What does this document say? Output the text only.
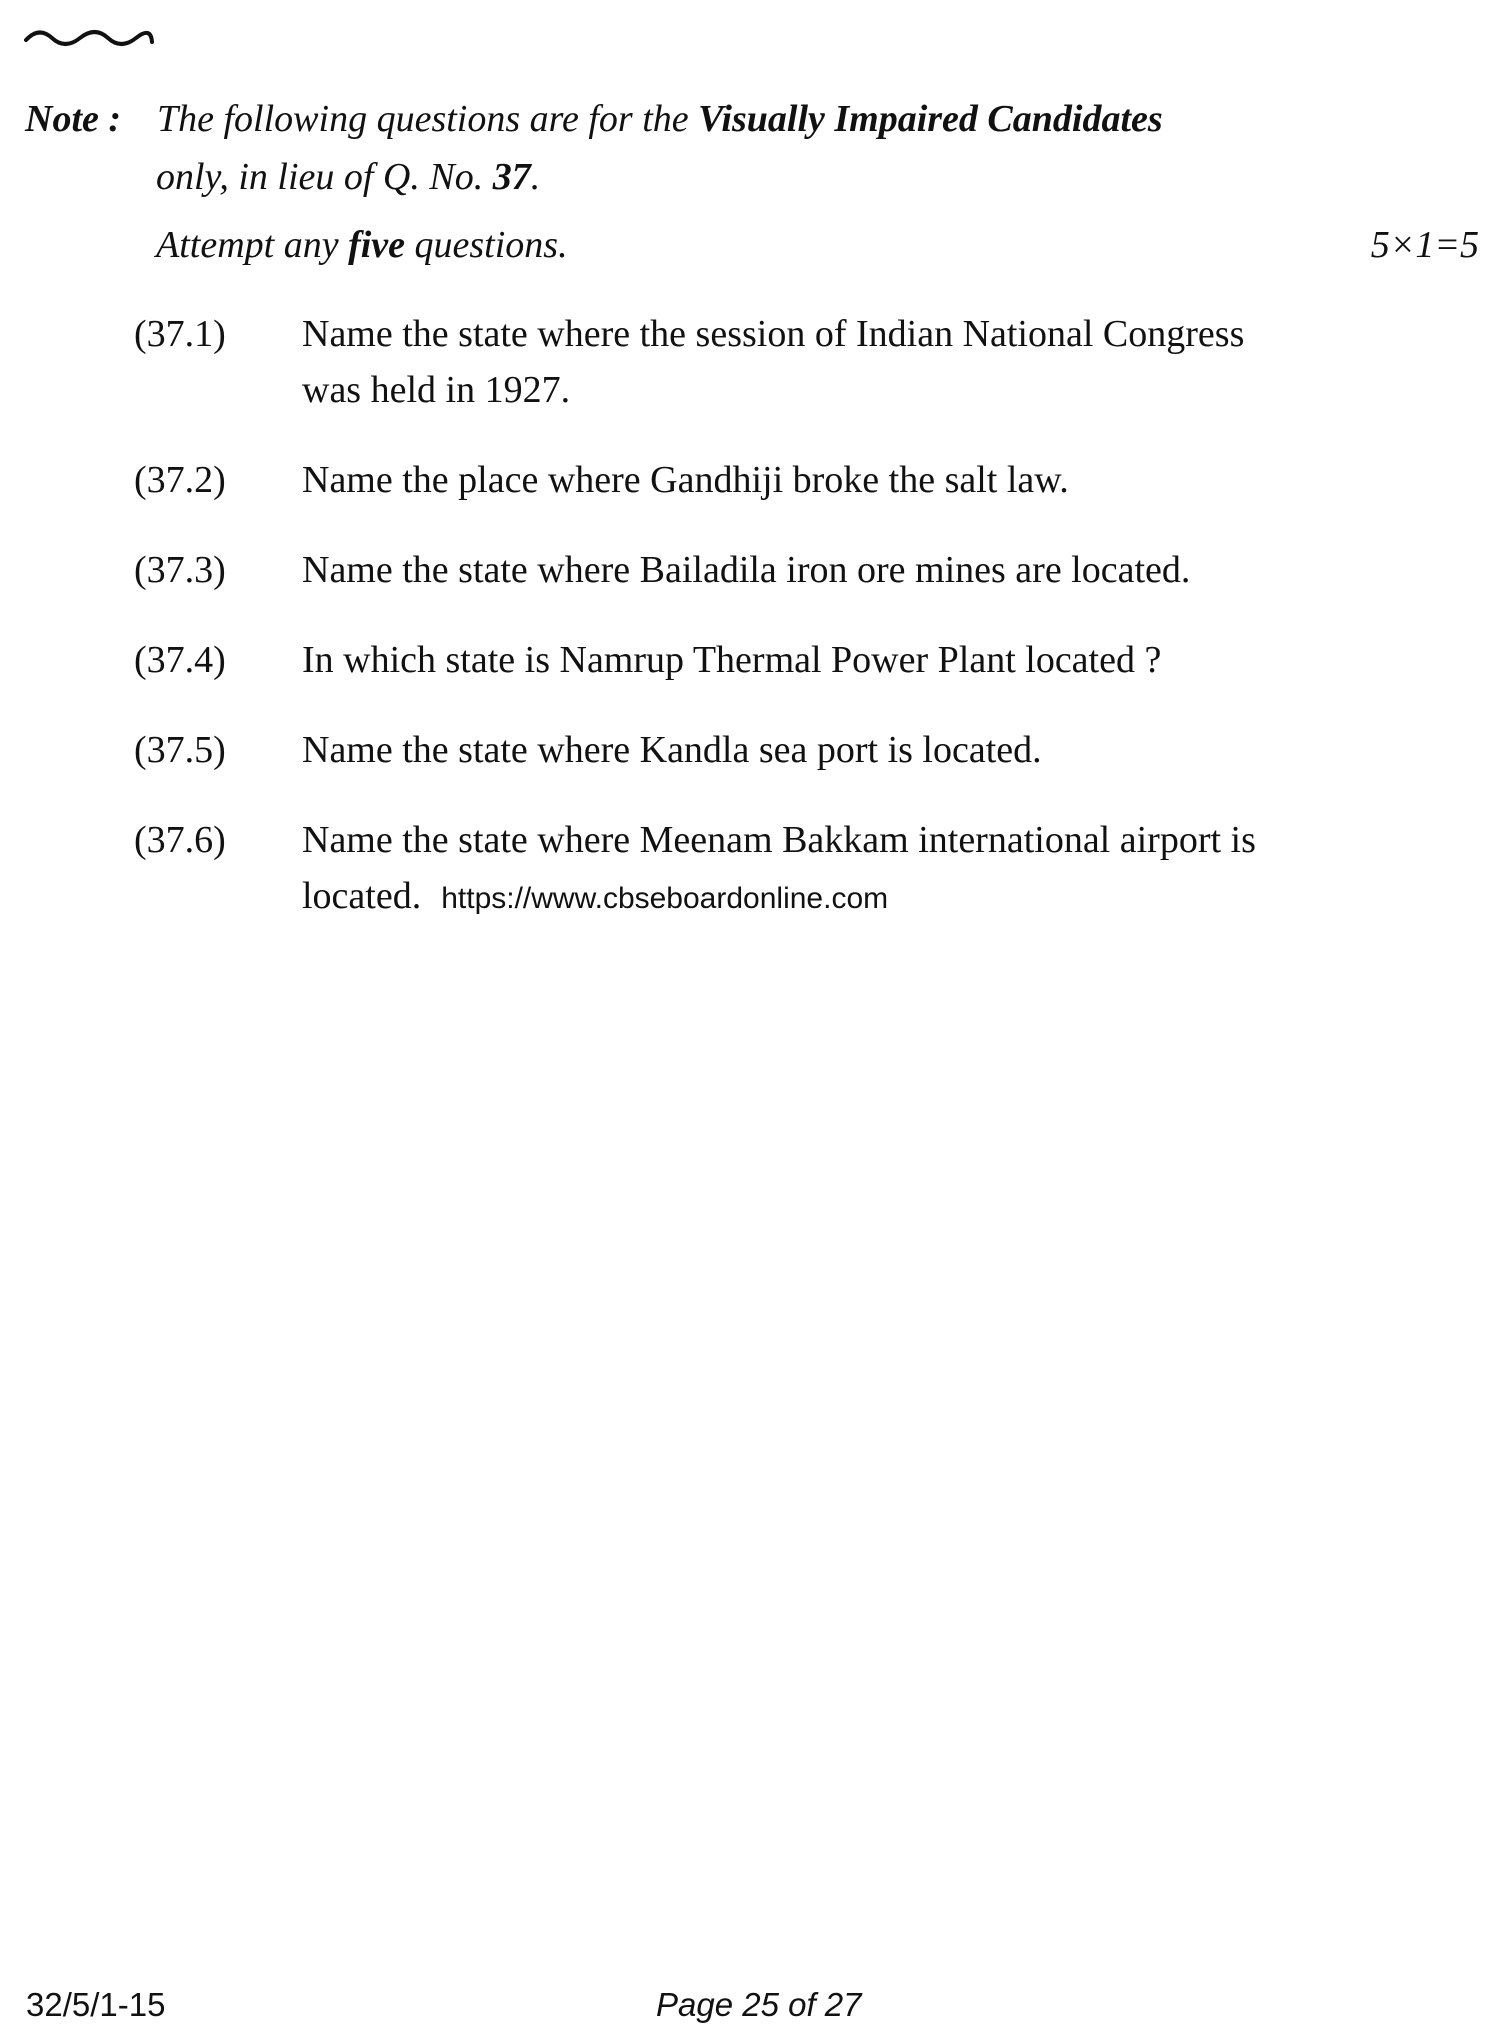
Note : The following questions are for the Visually Impaired Candidates
only, in lieu of Q. No. 37.
Attempt any five questions.	5×1=5
(37.1)	Name the state where the session of Indian National Congress
was held in 1927.
(37.2)	Name the place where Gandhiji broke the salt law.
(37.3)	Name the state where Bailadila iron ore mines are located.
(37.4)	In which state is Namrup Thermal Power Plant located ?
(37.5)	Name the state where Kandla sea port is located.
(37.6)	Name the state where Meenam Bakkam international airport is
located. https://www.cbseboardonline.com
32/5/1-15	Page 25 of 27
